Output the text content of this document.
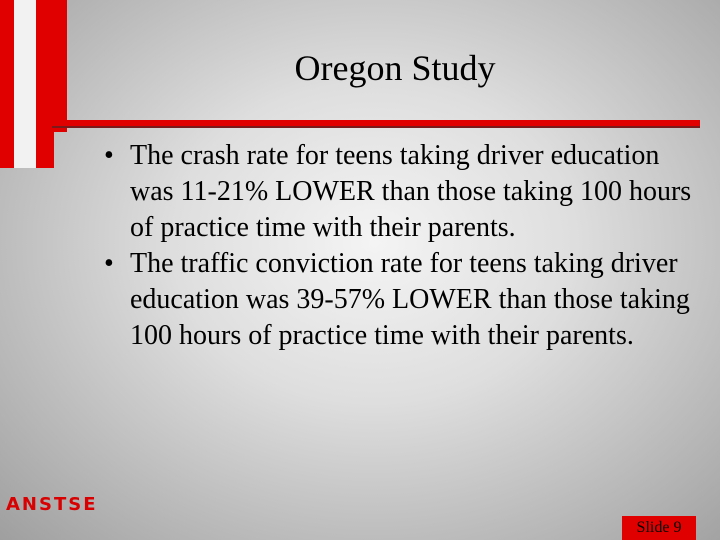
Oregon Study
• The crash rate for teens taking driver education was 11-21% LOWER than those taking 100 hours of practice time with their parents.
• The traffic conviction rate for teens taking driver education was 39-57% LOWER than those taking 100 hours of practice time with their parents.
ANSTSE
Slide 9
